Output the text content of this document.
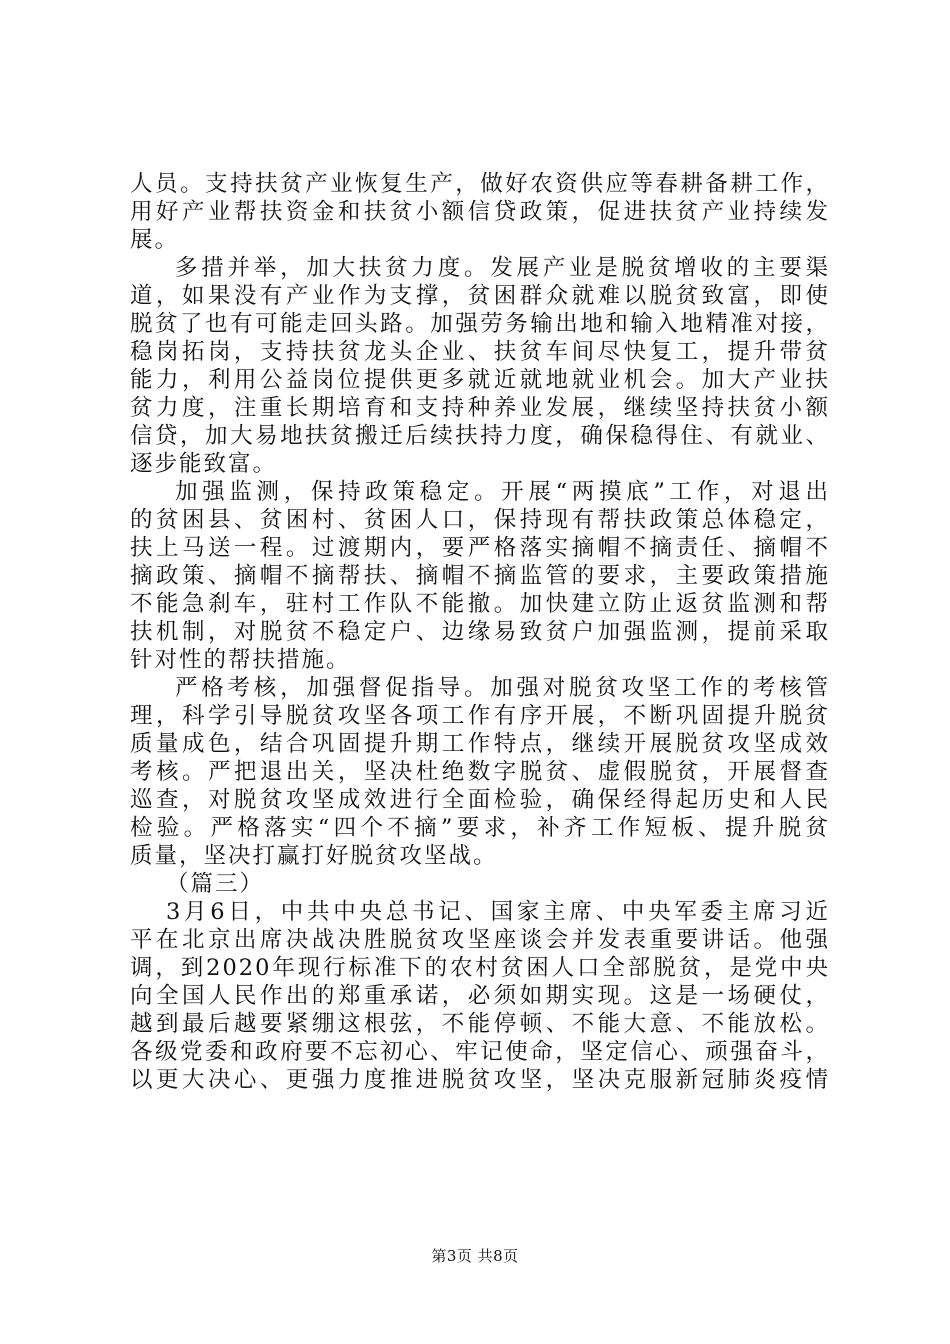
人员。支持扶贫产业恢复生产，做好农资供应等春耕备耕工作，
用好产业帮扶资金和扶贫小额信贷政策，促进扶贫产业持续发
展。
多措并举，加大扶贫力度。发展产业是脱贫增收的主要渠
道，如果没有产业作为支撑，贫困群众就难以脱贫致富，即使
脱贫了也有可能走回头路。加强劳务输出地和输入地精准对接，
稳岗拓岗，支持扶贫龙头企业、扶贫车间尽快复工，提升带贫
能力，利用公益岗位提供更多就近就地就业机会。加大产业扶
贫力度，注重长期培育和支持种养业发展，继续坚持扶贫小额
信贷，加大易地扶贫搬迁后续扶持力度，确保稳得住、有就业、
逐步能致富。
加强监测，保持政策稳定。开展“两摸底”工作，对退出
的贫困县、贫困村、贫困人口，保持现有帮扶政策总体稳定，
扶上马送一程。过渡期内，要严格落实摘帽不摘责任、摘帽不
摘政策、摘帽不摘帮扶、摘帽不摘监管的要求，主要政策措施
不能急刹车，驻村工作队不能撤。加快建立防止返贫监测和帮
扶机制，对脱贫不稳定户、边缘易致贫户加强监测，提前采取
针对性的帮扶措施。
严格考核，加强督促指导。加强对脱贫攻坚工作的考核管
理，科学引导脱贫攻坚各项工作有序开展，不断巩固提升脱贫
质量成色，结合巩固提升期工作特点，继续开展脱贫攻坚成效
考核。严把退出关，坚决杜绝数字脱贫、虚假脱贫，开展督查
巡查，对脱贫攻坚成效进行全面检验，确保经得起历史和人民
检验。严格落实“四个不摘”要求，补齐工作短板、提升脱贫
质量，坚决打赢打好脱贫攻坚战。
（篇三）
3月6日，中共中央总书记、国家主席、中央军委主席习近
平在北京出席决战决胜脱贫攻坚座谈会并发表重要讲话。他强
调，到2020年现行标准下的农村贫困人口全部脱贫，是党中央
向全国人民作出的郑重承诺，必须如期实现。这是一场硬仗，
越到最后越要紧绷这根弦，不能停顿、不能大意、不能放松。
各级党委和政府要不忘初心、牢记使命，坚定信心、顽强奋斗，
以更大决心、更强力度推进脱贫攻坚，坚决克服新冠肺炎疫情
第3页 共8页
